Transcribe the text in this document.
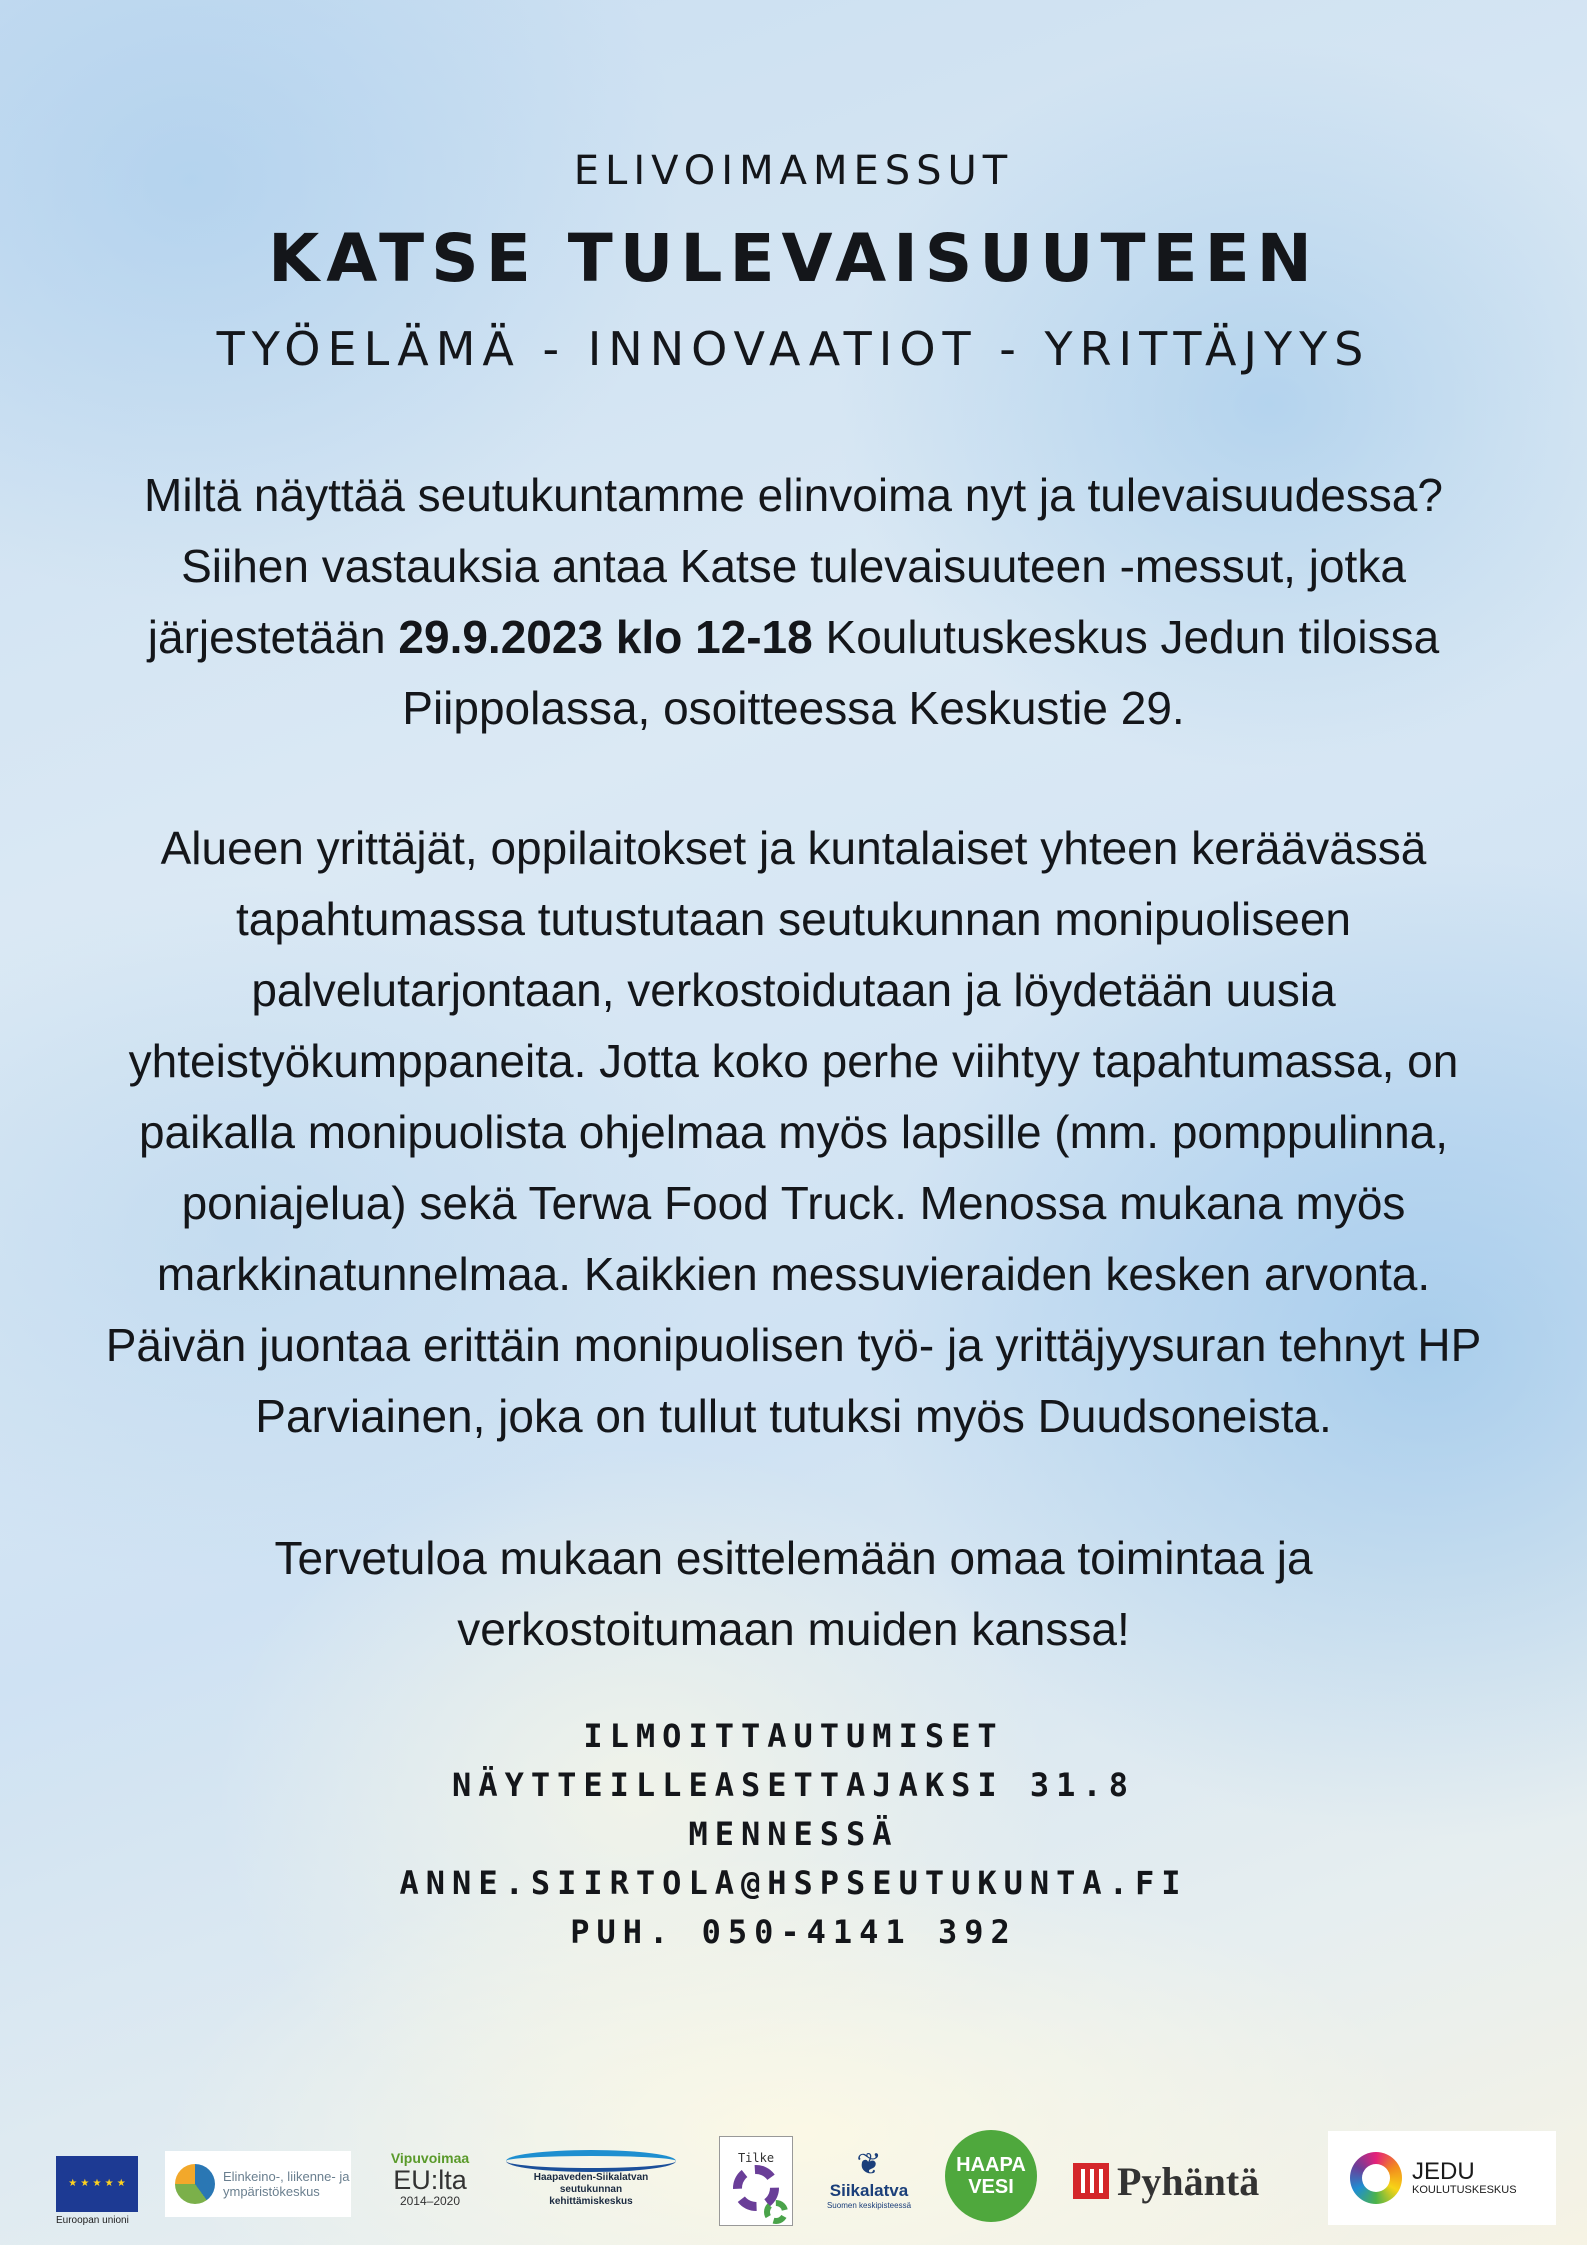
ELIVOIMAMESSUT
KATSE TULEVAISUUTEEN
TYÖELÄMÄ - INNOVAATIOT - YRITTÄJYYS
Miltä näyttää seutukuntamme elinvoima nyt ja tulevaisuudessa?
Siihen vastauksia antaa Katse tulevaisuuteen -messut, jotka
järjestetään 29.9.2023 klo 12-18 Koulutuskeskus Jedun tiloissa
Piippolassa, osoitteessa Keskustie 29.
Alueen yrittäjät, oppilaitokset ja kuntalaiset yhteen keräävässä
tapahtumassa tutustutaan seutukunnan monipuoliseen
palvelutarjontaan, verkostoidutaan ja löydetään uusia
yhteistyökumppaneita. Jotta koko perhe viihtyy tapahtumassa, on
paikalla monipuolista ohjelmaa myös lapsille (mm. pomppulinna,
poniajelua) sekä Terwa Food Truck. Menossa mukana myös
markkinatunnelmaa. Kaikkien messuvieraiden kesken arvonta.
Päivän juontaa erittäin monipuolisen työ- ja yrittäjyysuran tehnyt HP
Parviainen, joka on tullut tutuksi myös Duudsoneista.
Tervetuloa mukaan esittelemään omaa toimintaa ja
verkostoitumaan muiden kanssa!
ILMOITTAUTUMISET
NÄYTTEILLEASETTAJAKSI 31.8
MENNESSÄ
ANNE.SIIRTOLA@HSPSEUTUKUNTA.FI
PUH. 050-4141 392
★ ★ ★ ★ ★
Euroopan unioni
Elinkeino-, liikenne- ja
ympäristökeskus
Vipuvoimaa
EU:lta
2014–2020
Haapaveden-Siikalatvan
seutukunnan
kehittämiskeskus
Tilke	❦
Siikalatva
Suomen keskipisteessä
HAAPA
VESI	Pyhäntä	JEDU
KOULUTUSKESKUS
